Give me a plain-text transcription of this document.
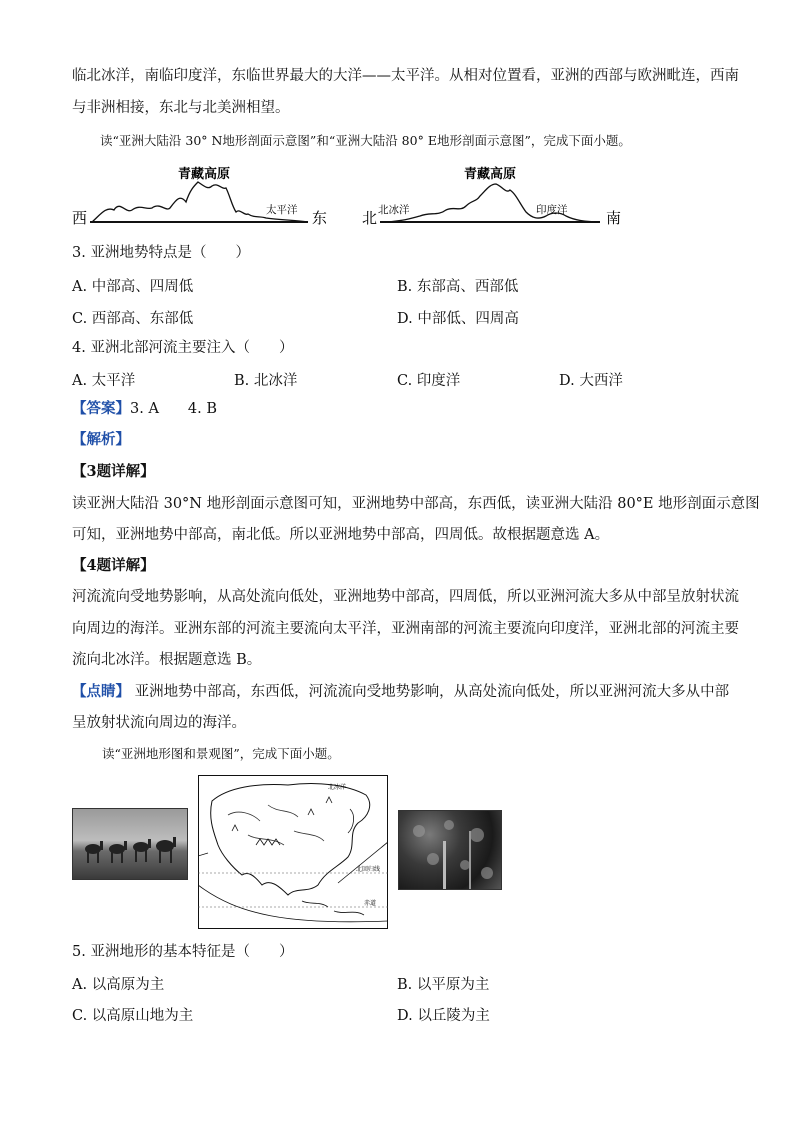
临北冰洋，南临印度洋，东临世界最大的大洋——太平洋。从相对位置看，亚洲的西部与欧洲毗连，西南
与非洲相接，东北与北美洲相望。
读“亚洲大陆沿 30° N地形剖面示意图”和“亚洲大陆沿 80° E地形剖面示意图”，完成下面小题。
青藏高原
西	东
太平洋
青藏高原
北	南
北冰洋	印度洋
3. 亚洲地势特点是（　　）
A. 中部高、四周低	B. 东部高、西部低
C. 西部高、东部低	D. 中部低、四周高
4. 亚洲北部河流主要注入（　　）
A. 太平洋	B. 北冰洋	C. 印度洋	D. 大西洋
【答案】3. A　　4. B
【解析】
【3题详解】
读亚洲大陆沿 30°N 地形剖面示意图可知，亚洲地势中部高，东西低，读亚洲大陆沿 80°E 地形剖面示意图
可知，亚洲地势中部高，南北低。所以亚洲地势中部高，四周低。故根据题意选 A。
【4题详解】
河流流向受地势影响，从高处流向低处，亚洲地势中部高，四周低，所以亚洲河流大多从中部呈放射状流
向周边的海洋。亚洲东部的河流主要流向太平洋，亚洲南部的河流主要流向印度洋，亚洲北部的河流主要
流向北冰洋。根据题意选 B。
【点睛】 亚洲地势中部高，东西低，河流流向受地势影响，从高处流向低处，所以亚洲河流大多从中部
呈放射状流向周边的海洋。
读“亚洲地形图和景观图”，完成下面小题。
北冰洋
北回归线
赤道
5. 亚洲地形的基本特征是（　　）
A. 以高原为主	B. 以平原为主
C. 以高原山地为主	D. 以丘陵为主
